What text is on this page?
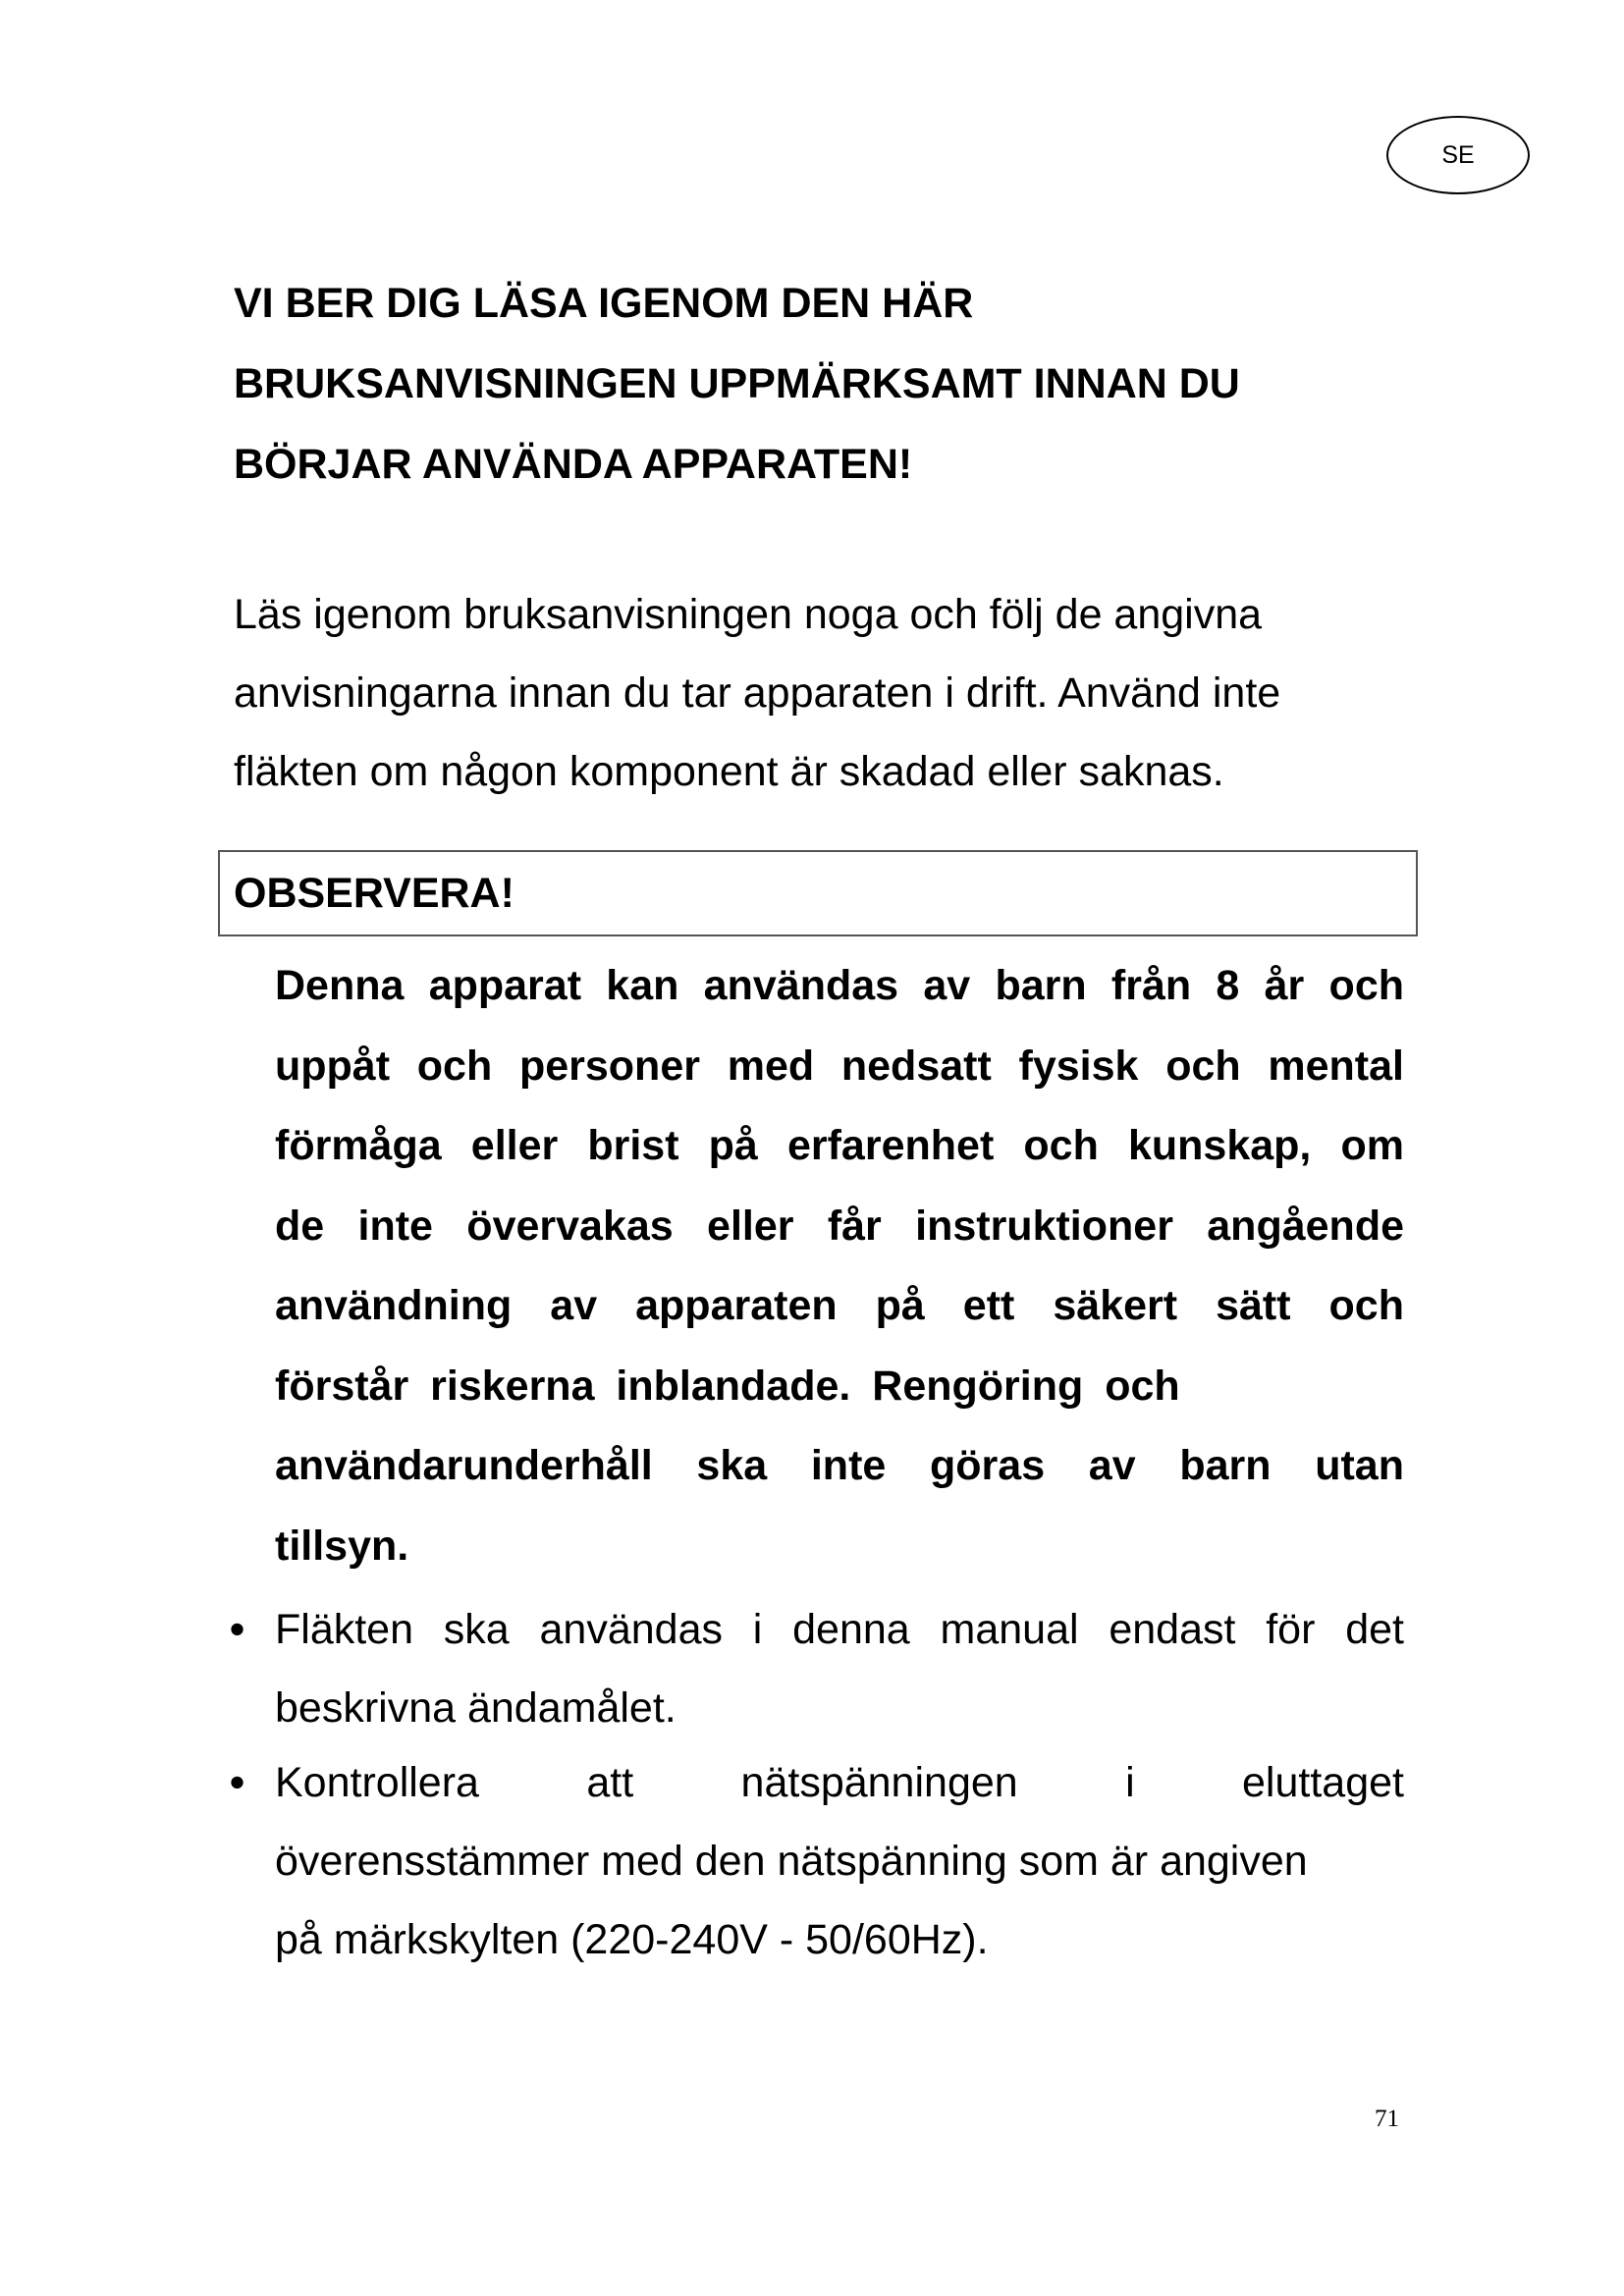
SE
VI BER DIG LÄSA IGENOM DEN HÄR
BRUKSANVISNINGEN UPPMÄRKSAMT INNAN DU
BÖRJAR ANVÄNDA APPARATEN!

Läs igenom bruksanvisningen noga och följ de angivna
anvisningarna innan du tar apparaten i drift. Använd inte
fläkten om någon komponent är skadad eller saknas.

OBSERVERA!

Denna apparat kan användas av barn från 8 år och
uppåt och personer med nedsatt fysisk och mental
förmåga eller brist på erfarenhet och kunskap, om
de inte övervakas eller får instruktioner angående
användning av apparaten på ett säkert sätt och
förstår riskerna inblandade. Rengöring och
användarunderhåll ska inte göras av barn utan
tillsyn.

• Fläkten ska användas i denna manual endast för det
beskrivna ändamålet.
• Kontrollera att nätspänningen i eluttaget
överensstämmer med den nätspänning som är angiven
på märkskylten (220-240V - 50/60Hz).
71
